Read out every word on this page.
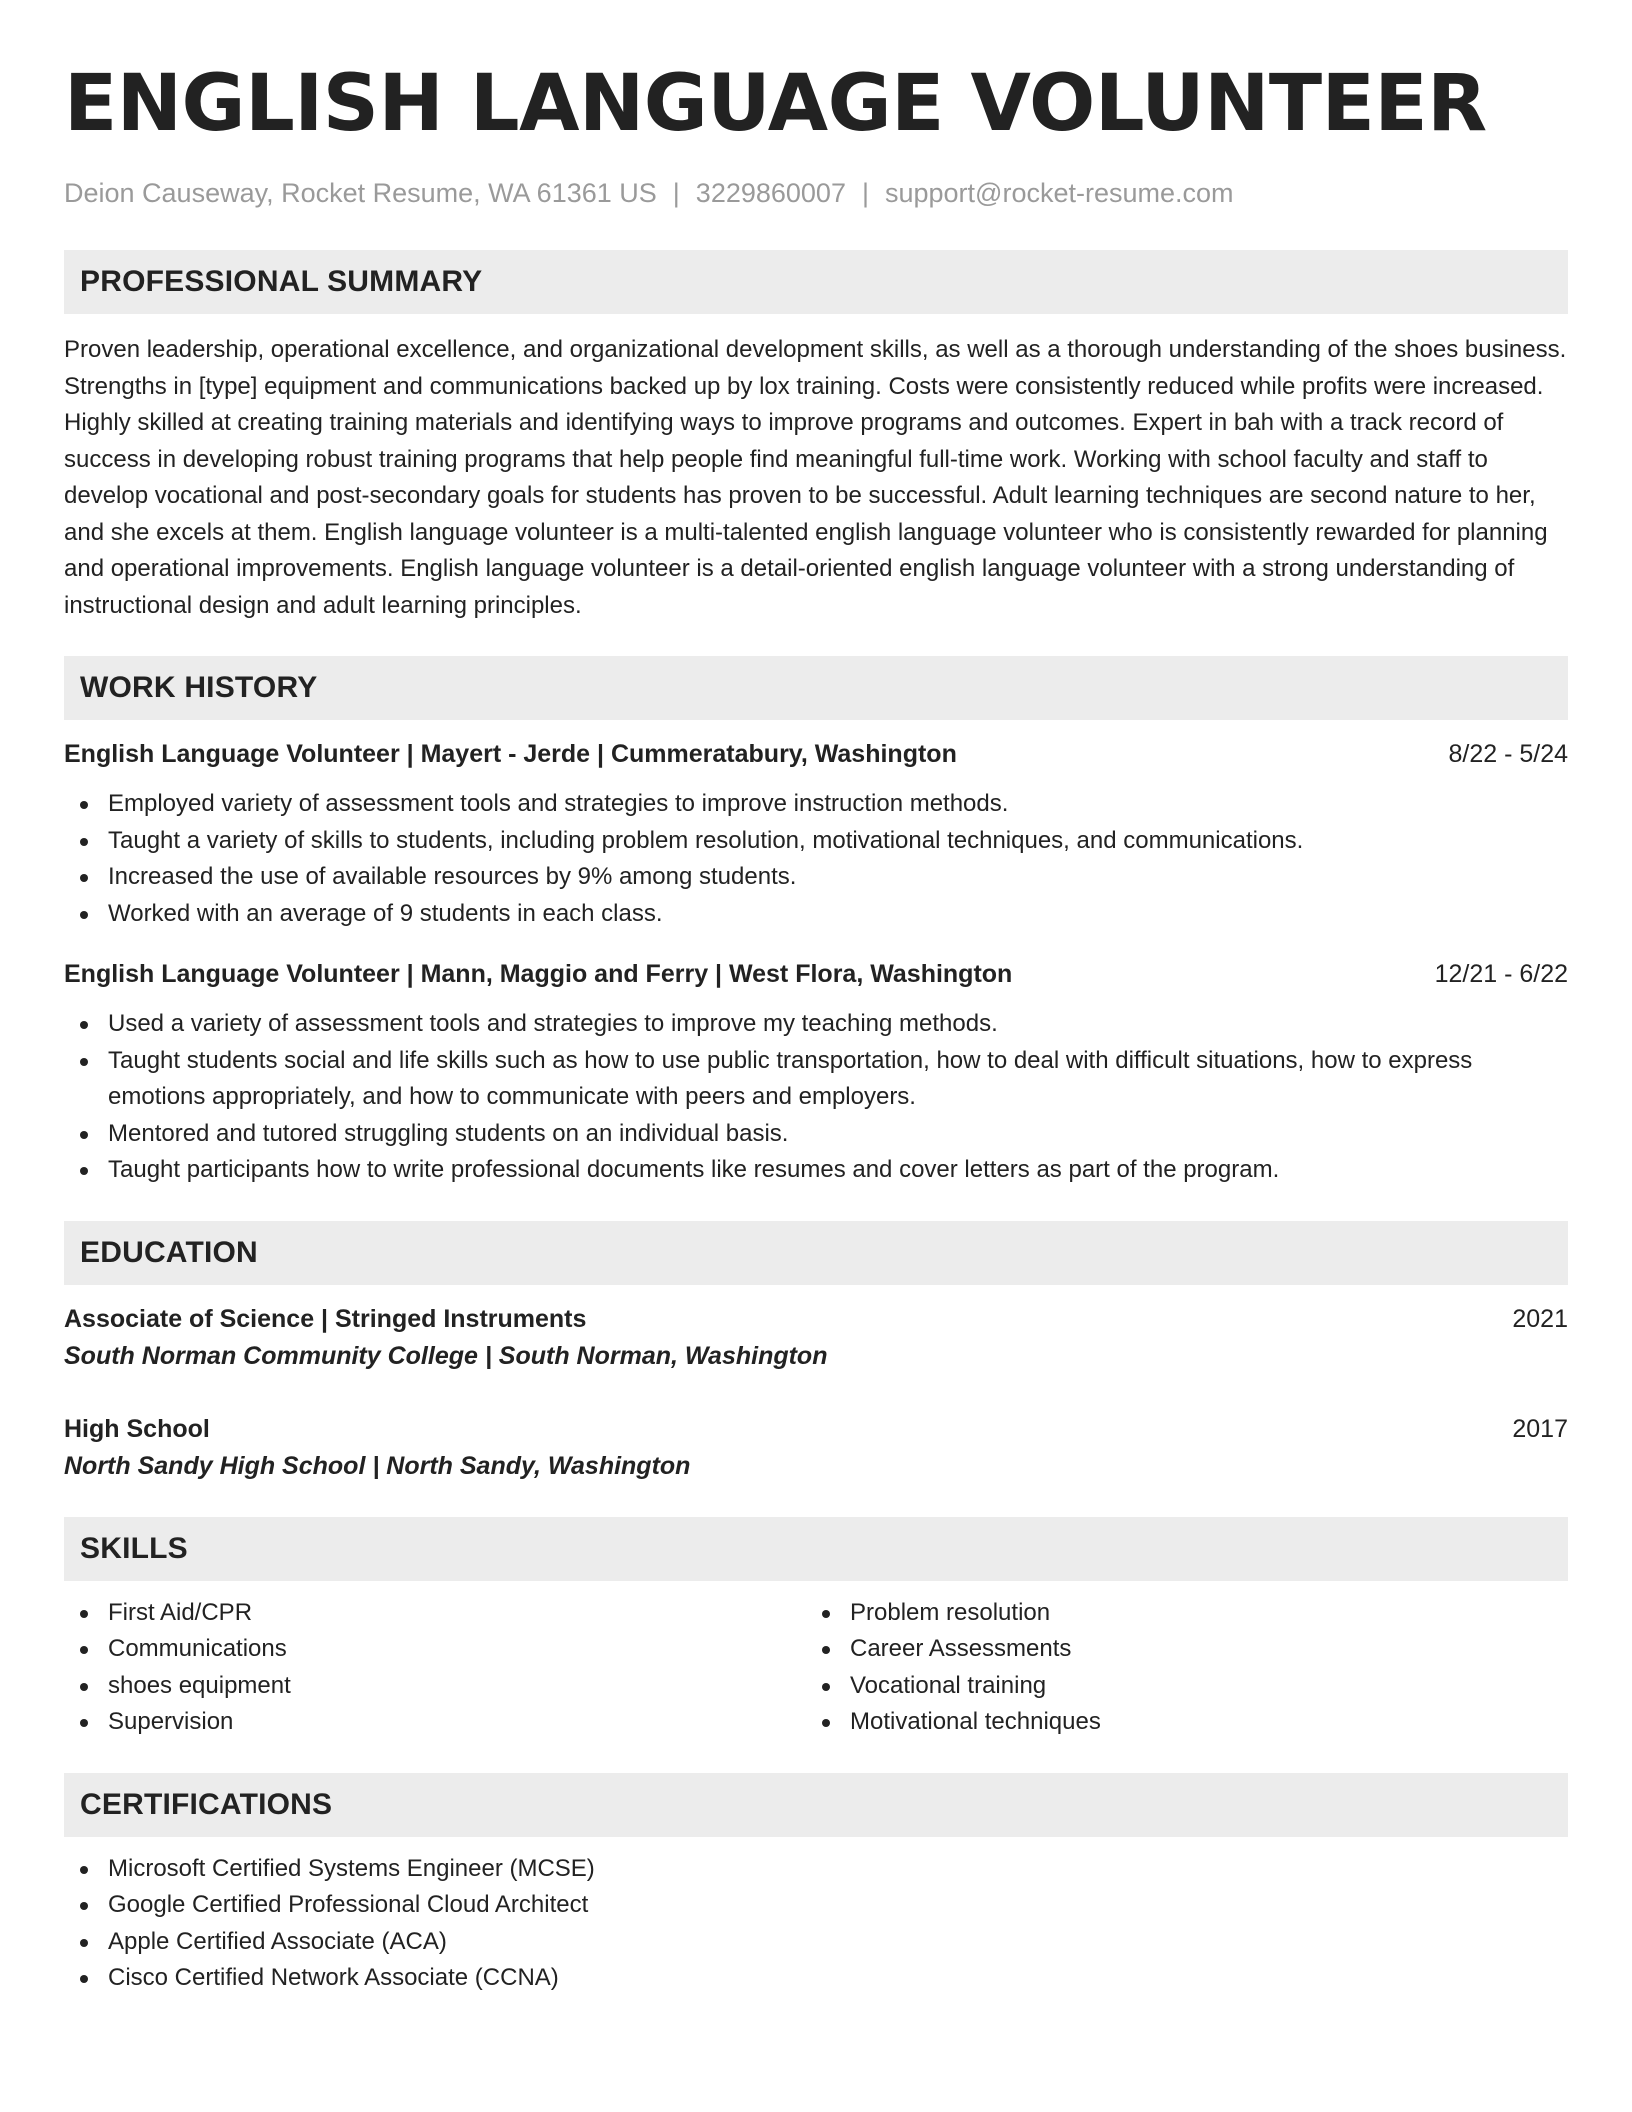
ENGLISH LANGUAGE VOLUNTEER
Deion Causeway, Rocket Resume, WA 61361 US | 3229860007 | support@rocket-resume.com
PROFESSIONAL SUMMARY

Proven leadership, operational excellence, and organizational development skills, as well as a thorough understanding of the shoes business. Strengths in [type] equipment and communications backed up by lox training. Costs were consistently reduced while profits were increased. Highly skilled at creating training materials and identifying ways to improve programs and outcomes. Expert in bah with a track record of success in developing robust training programs that help people find meaningful full-time work. Working with school faculty and staff to develop vocational and post-secondary goals for students has proven to be successful. Adult learning techniques are second nature to her, and she excels at them. English language volunteer is a multi-talented english language volunteer who is consistently rewarded for planning and operational improvements. English language volunteer is a detail-oriented english language volunteer with a strong understanding of instructional design and adult learning principles.

WORK HISTORY
English Language Volunteer | Mayert - Jerde | Cummeratabury, Washington	8/22 - 5/24
Employed variety of assessment tools and strategies to improve instruction methods.
Taught a variety of skills to students, including problem resolution, motivational techniques, and communications.
Increased the use of available resources by 9% among students.
Worked with an average of 9 students in each class.
English Language Volunteer | Mann, Maggio and Ferry | West Flora, Washington	12/21 - 6/22
Used a variety of assessment tools and strategies to improve my teaching methods.
Taught students social and life skills such as how to use public transportation, how to deal with difficult situations, how to express emotions appropriately, and how to communicate with peers and employers.
Mentored and tutored struggling students on an individual basis.
Taught participants how to write professional documents like resumes and cover letters as part of the program.
EDUCATION
Associate of Science | Stringed Instruments	2021
South Norman Community College | South Norman, Washington
High School	2017
North Sandy High School | North Sandy, Washington
SKILLS
First Aid/CPR
Communications
shoes equipment
Supervision
Problem resolution
Career Assessments
Vocational training
Motivational techniques
CERTIFICATIONS
Microsoft Certified Systems Engineer (MCSE)
Google Certified Professional Cloud Architect
Apple Certified Associate (ACA)
Cisco Certified Network Associate (CCNA)
